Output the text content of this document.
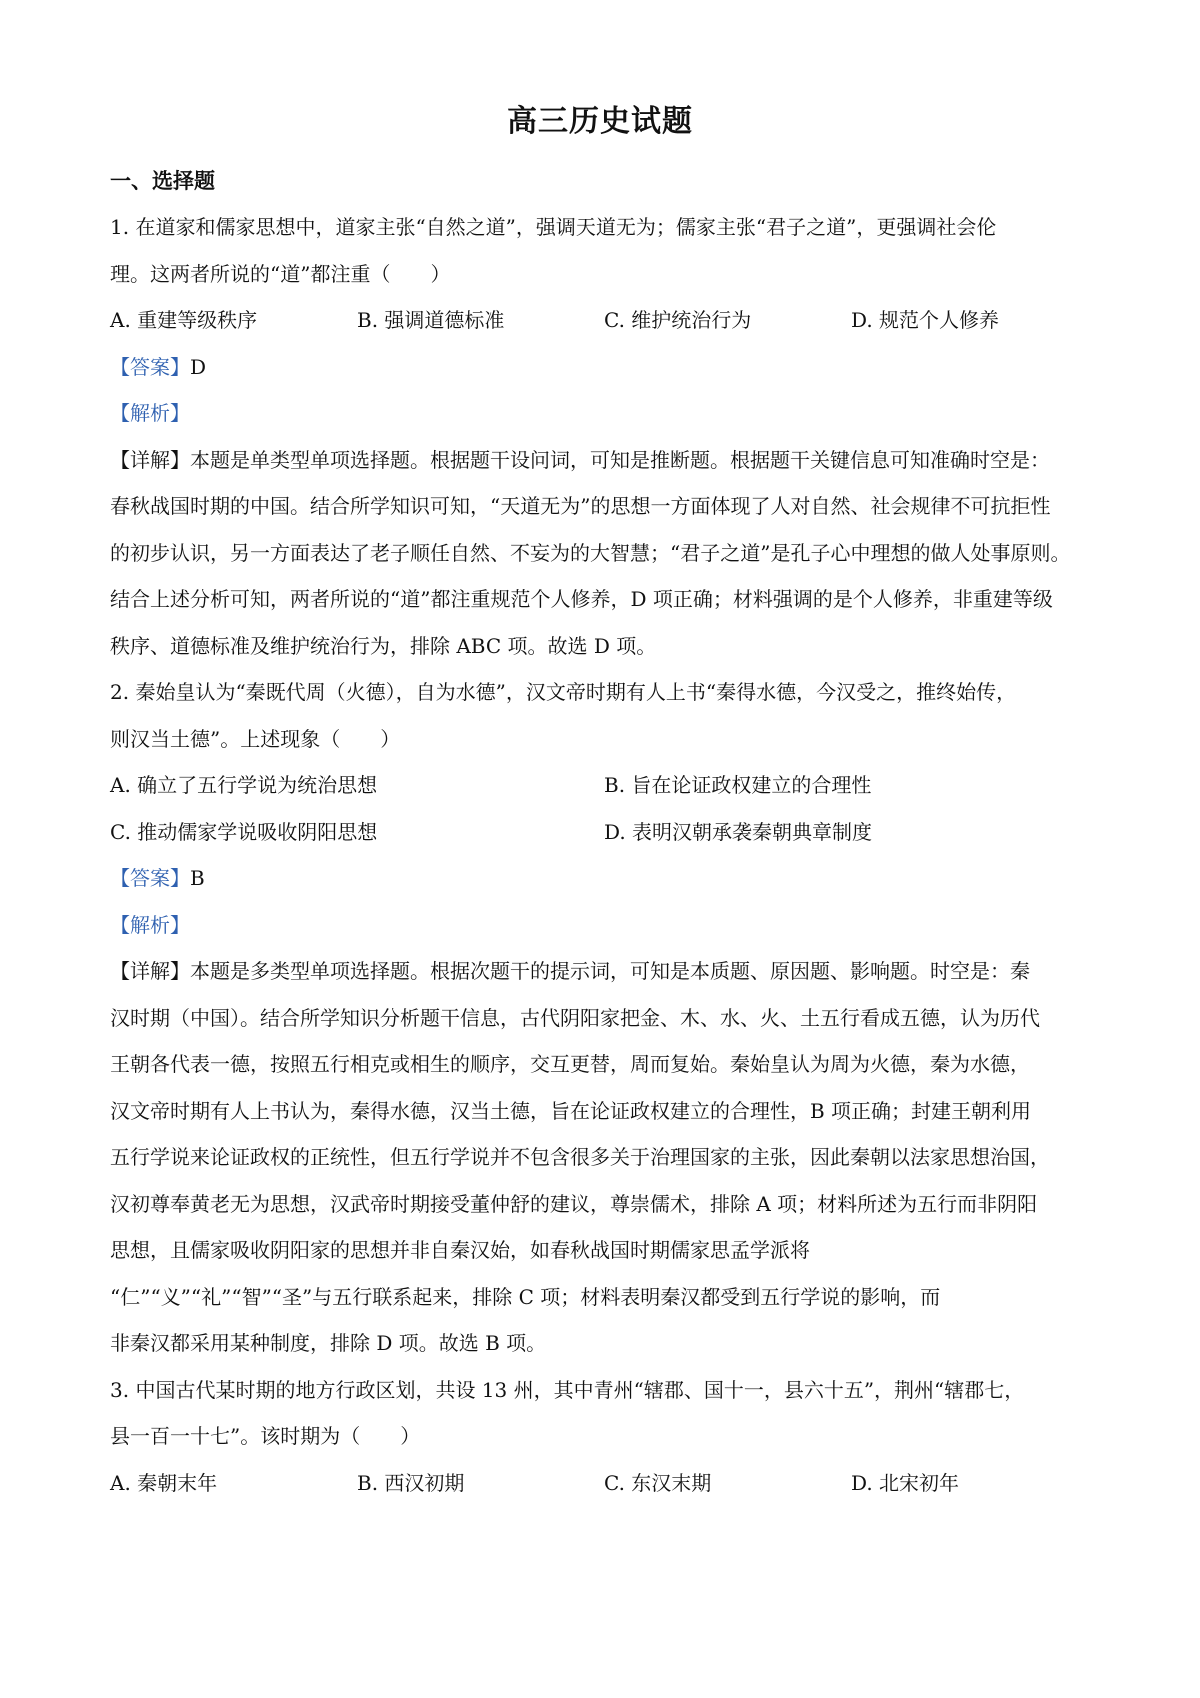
高三历史试题
一、选择题
1. 在道家和儒家思想中，道家主张“自然之道”，强调天道无为；儒家主张“君子之道”，更强调社会伦
理。这两者所说的“道”都注重（　　）
A. 重建等级秩序	B. 强调道德标准	C. 维护统治行为	D. 规范个人修养
【答案】D
【解析】
【详解】本题是单类型单项选择题。根据题干设问词，可知是推断题。根据题干关键信息可知准确时空是：
春秋战国时期的中国。结合所学知识可知，“天道无为”的思想一方面体现了人对自然、社会规律不可抗拒性
的初步认识，另一方面表达了老子顺任自然、不妄为的大智慧；“君子之道”是孔子心中理想的做人处事原则。
结合上述分析可知，两者所说的“道”都注重规范个人修养，D 项正确；材料强调的是个人修养，非重建等级
秩序、道德标准及维护统治行为，排除 ABC 项。故选 D 项。
2. 秦始皇认为“秦既代周（火德），自为水德”，汉文帝时期有人上书“秦得水德，今汉受之，推终始传，
则汉当土德”。上述现象（　　）
A. 确立了五行学说为统治思想	B. 旨在论证政权建立的合理性
C. 推动儒家学说吸收阴阳思想	D. 表明汉朝承袭秦朝典章制度
【答案】B
【解析】
【详解】本题是多类型单项选择题。根据次题干的提示词，可知是本质题、原因题、影响题。时空是：秦
汉时期（中国）。结合所学知识分析题干信息，古代阴阳家把金、木、水、火、土五行看成五德，认为历代
王朝各代表一德，按照五行相克或相生的顺序，交互更替，周而复始。秦始皇认为周为火德，秦为水德，
汉文帝时期有人上书认为，秦得水德，汉当土德，旨在论证政权建立的合理性，B 项正确；封建王朝利用
五行学说来论证政权的正统性，但五行学说并不包含很多关于治理国家的主张，因此秦朝以法家思想治国，
汉初尊奉黄老无为思想，汉武帝时期接受董仲舒的建议，尊崇儒术，排除 A 项；材料所述为五行而非阴阳
思想，且儒家吸收阴阳家的思想并非自秦汉始，如春秋战国时期儒家思孟学派将
“仁”“义”“礼”“智”“圣”与五行联系起来，排除 C 项；材料表明秦汉都受到五行学说的影响，而
非秦汉都采用某种制度，排除 D 项。故选 B 项。
3. 中国古代某时期的地方行政区划，共设 13 州，其中青州“辖郡、国十一，县六十五”，荆州“辖郡七，
县一百一十七”。该时期为（　　）
A. 秦朝末年	B. 西汉初期	C. 东汉末期	D. 北宋初年
